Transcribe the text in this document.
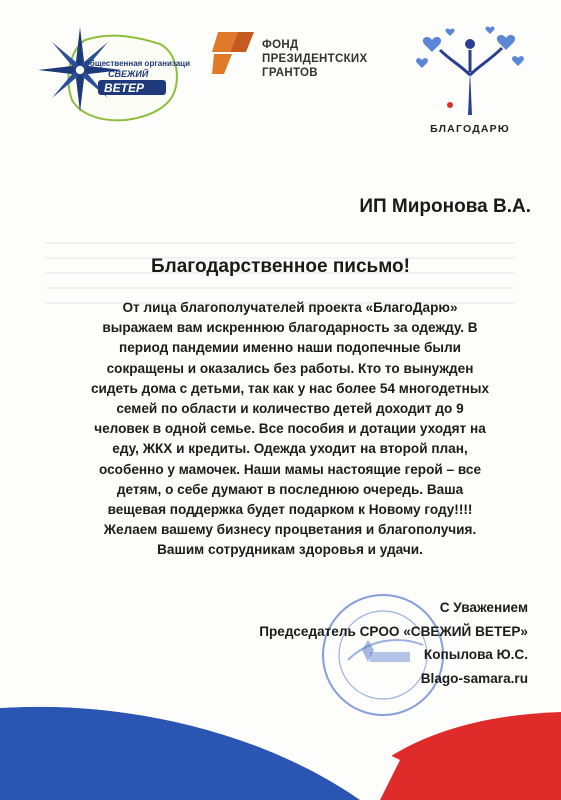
общественная организация
СВЕЖИЙ
ВЕТЕР
ФОНД
ПРЕЗИДЕНТСКИХ
ГРАНТОВ
БЛАГОДАРЮ
ИП Миронова В.А.
Благодарственное письмо!
От лица благополучателей проекта «БлагоДарю»
выражаем вам искреннюю благодарность за одежду. В
период пандемии именно наши подопечные были
сокращены и оказались без работы. Кто то вынужден
сидеть дома с детьми, так как у нас более 54 многодетных
семей по области и количество детей доходит до 9
человек в одной семье. Все пособия и дотации уходят на
еду, ЖКХ и кредиты. Одежда уходит на второй план,
особенно у мамочек. Наши мамы настоящие герой – все
детям, о себе думают в последнюю очередь. Ваша
вещевая поддержка будет подарком к Новому году!!!!
Желаем вашему бизнесу процветания и благополучия.
Вашим сотрудникам здоровья и удачи.
С Уважением
Председатель СРОО «СВЕЖИЙ ВЕТЕР»
Копылова Ю.С.
Blago-samara.ru
